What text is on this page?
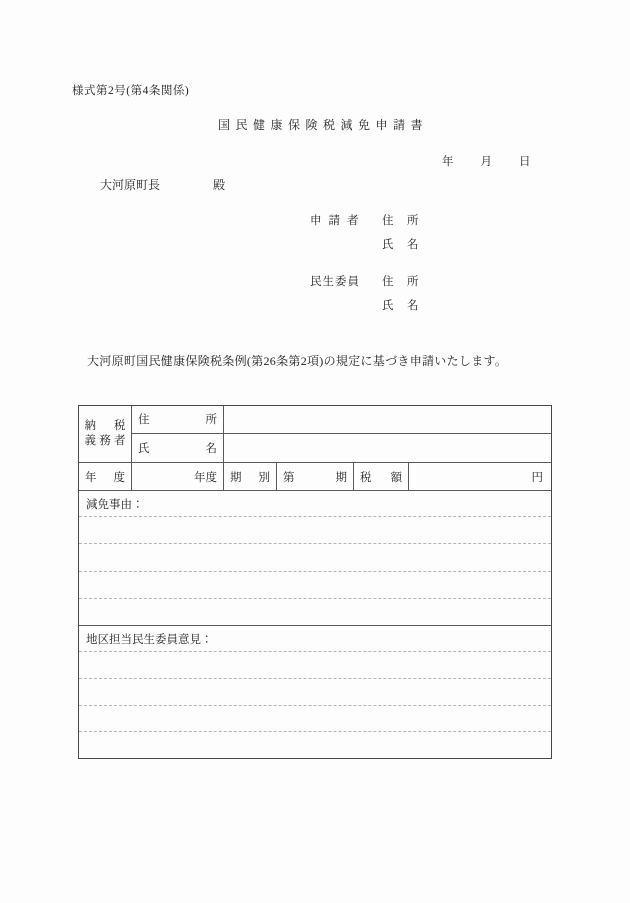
様式第2号(第4条関係)
国民健康保険税減免申請書
年 月 日
大河原町長	殿
申請者 住　所
氏　名
民生委員 住　所
氏　名
大河原町国民健康保険税条例(第26条第2項)の規定に基づき申請いたします。
納 税
義 務 者
住	所
氏	名
年 度	年度 期 別 第	期 税 額	円
減免事由：
地区担当民生委員意見：
